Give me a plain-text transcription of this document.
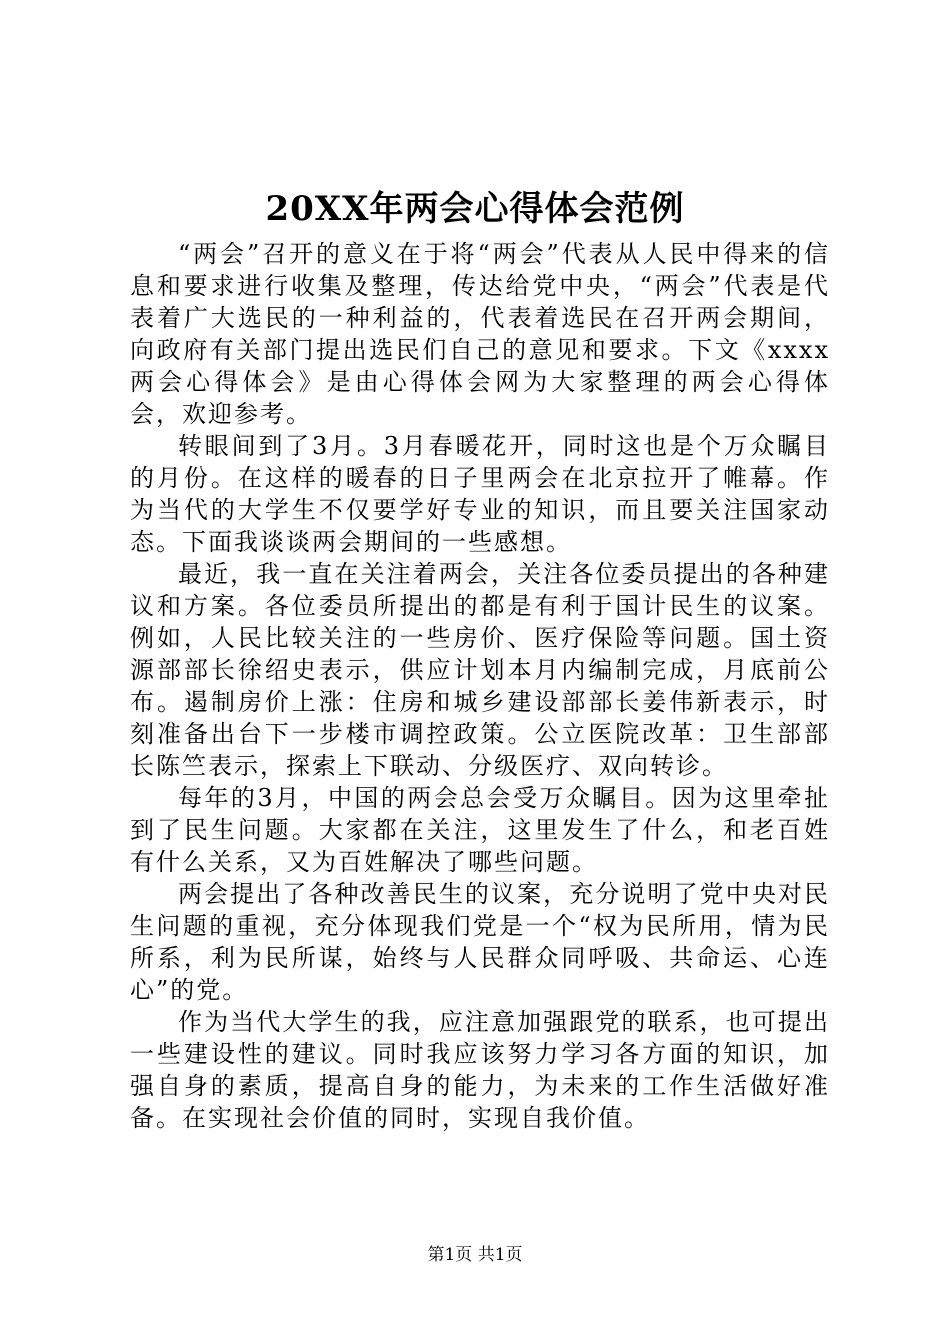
20XX年两会心得体会范例

“两会”召开的意义在于将“两会”代表从人民中得来的信息和要求进行收集及整理，传达给党中央，“两会”代表是代表着广大选民的一种利益的，代表着选民在召开两会期间，向政府有关部门提出选民们自己的意见和要求。下文《xxxx两会心得体会》是由心得体会网为大家整理的两会心得体会，欢迎参考。

转眼间到了3月。3月春暖花开，同时这也是个万众瞩目的月份。在这样的暖春的日子里两会在北京拉开了帷幕。作为当代的大学生不仅要学好专业的知识，而且要关注国家动态。下面我谈谈两会期间的一些感想。

最近，我一直在关注着两会，关注各位委员提出的各种建议和方案。各位委员所提出的都是有利于国计民生的议案。例如，人民比较关注的一些房价、医疗保险等问题。国土资源部部长徐绍史表示，供应计划本月内编制完成，月底前公布。遏制房价上涨：住房和城乡建设部部长姜伟新表示，时刻准备出台下一步楼市调控政策。公立医院改革：卫生部部长陈竺表示，探索上下联动、分级医疗、双向转诊。

每年的3月，中国的两会总会受万众瞩目。因为这里牵扯到了民生问题。大家都在关注，这里发生了什么，和老百姓有什么关系，又为百姓解决了哪些问题。

两会提出了各种改善民生的议案，充分说明了党中央对民生问题的重视，充分体现我们党是一个“权为民所用，情为民所系，利为民所谋，始终与人民群众同呼吸、共命运、心连心”的党。

作为当代大学生的我，应注意加强跟党的联系，也可提出一些建设性的建议。同时我应该努力学习各方面的知识，加强自身的素质，提高自身的能力，为未来的工作生活做好准备。在实现社会价值的同时，实现自我价值。

第1页 共1页
